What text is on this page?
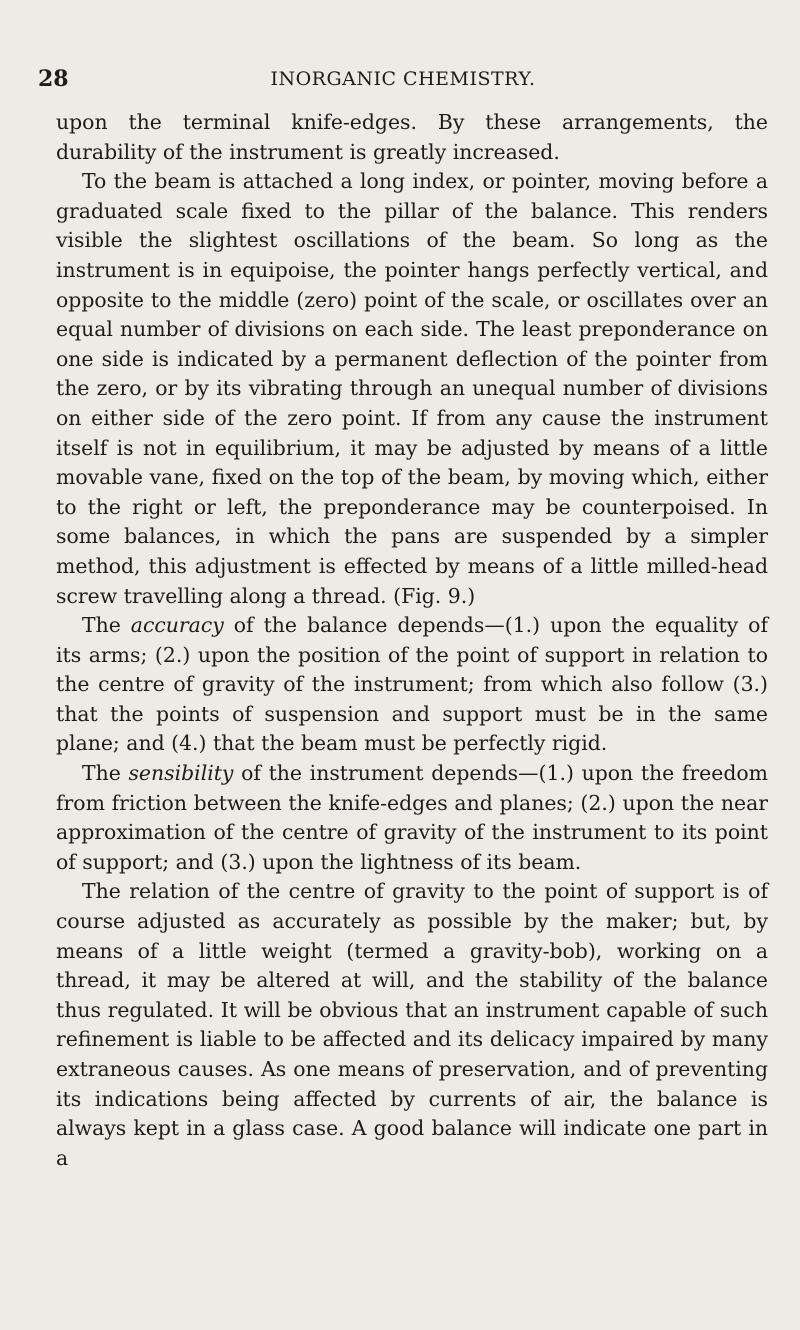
28	INORGANIC CHEMISTRY.

upon the terminal knife-edges. By these arrangements, the durability of the instrument is greatly increased.

To the beam is attached a long index, or pointer, moving before a graduated scale fixed to the pillar of the balance. This renders visible the slightest oscillations of the beam. So long as the instrument is in equipoise, the pointer hangs perfectly vertical, and opposite to the middle (zero) point of the scale, or oscillates over an equal number of divisions on each side. The least preponderance on one side is indicated by a permanent deflection of the pointer from the zero, or by its vibrating through an unequal number of divisions on either side of the zero point. If from any cause the instrument itself is not in equilibrium, it may be adjusted by means of a little movable vane, fixed on the top of the beam, by moving which, either to the right or left, the preponderance may be counterpoised. In some balances, in which the pans are suspended by a simpler method, this adjustment is effected by means of a little milled-head screw travelling along a thread. (Fig. 9.)

The accuracy of the balance depends—(1.) upon the equality of its arms; (2.) upon the position of the point of support in relation to the centre of gravity of the instrument; from which also follow (3.) that the points of suspension and support must be in the same plane; and (4.) that the beam must be perfectly rigid.

The sensibility of the instrument depends—(1.) upon the freedom from friction between the knife-edges and planes; (2.) upon the near approximation of the centre of gravity of the instrument to its point of support; and (3.) upon the lightness of its beam.

The relation of the centre of gravity to the point of support is of course adjusted as accurately as possible by the maker; but, by means of a little weight (termed a gravity-bob), working on a thread, it may be altered at will, and the stability of the balance thus regulated. It will be obvious that an instrument capable of such refinement is liable to be affected and its delicacy impaired by many extraneous causes. As one means of preservation, and of preventing its indications being affected by currents of air, the balance is always kept in a glass case. A good balance will indicate one part in a
